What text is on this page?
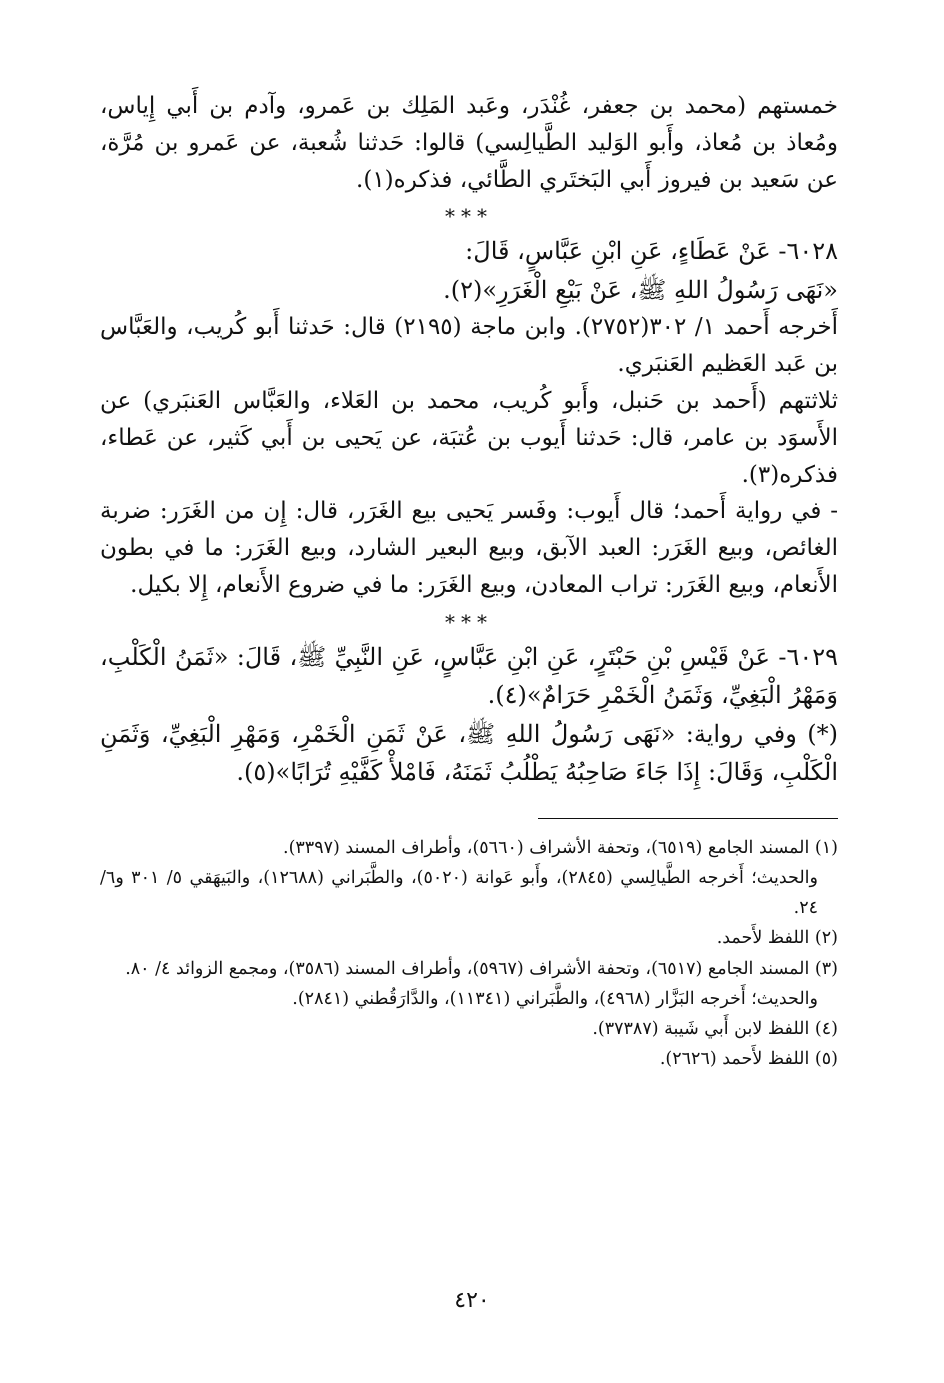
خمستهم (محمد بن جعفر، غُنْدَر، وعَبد المَلِك بن عَمرو، وآدم بن أَبي إِياس، ومُعاذ بن مُعاذ، وأَبو الوَليد الطَّيالِسي) قالوا: حَدثنا شُعبة، عن عَمرو بن مُرَّة، عن سَعيد بن فيروز أَبي البَختَري الطَّائي، فذكره(١).

***

٦٠٢٨- عَنْ عَطَاءٍ، عَنِ ابْنِ عَبَّاسٍ، قَالَ:

«نَهَى رَسُولُ اللهِ ﷺ، عَنْ بَيْعِ الْغَرَرِ»(٢).

أَخرجه أَحمد ١/ ٣٠٢(٢٧٥٢). وابن ماجة (٢١٩٥) قال: حَدثنا أَبو كُريب، والعَبَّاس بن عَبد العَظيم العَنبَري.

ثلاثتهم (أَحمد بن حَنبل، وأَبو كُريب، محمد بن العَلاء، والعَبَّاس العَنبَري) عن الأَسوَد بن عامر، قال: حَدثنا أَيوب بن عُتبَة، عن يَحيى بن أَبي كَثير، عن عَطاء، فذكره(٣).

- في رواية أَحمد؛ قال أَيوب: وفَسر يَحيى بيع الغَرَر، قال: إِن من الغَرَر: ضربة الغائص، وبيع الغَرَر: العبد الآبق، وبيع البعير الشارد، وبيع الغَرَر: ما في بطون الأَنعام، وبيع الغَرَر: تراب المعادن، وبيع الغَرَر: ما في ضروع الأَنعام، إِلا بكيل.

***

٦٠٢٩- عَنْ قَيْسِ بْنِ حَبْتَرٍ، عَنِ ابْنِ عَبَّاسٍ، عَنِ النَّبِيِّ ﷺ، قَالَ: «ثَمَنُ الْكَلْبِ، وَمَهْرُ الْبَغِيِّ، وَثَمَنُ الْخَمْرِ حَرَامٌ»(٤).

(*) وفي رواية: «نَهَى رَسُولُ اللهِ ﷺ، عَنْ ثَمَنِ الْخَمْرِ، وَمَهْرِ الْبَغِيِّ، وَثَمَنِ الْكَلْبِ، وَقَالَ: إِذَا جَاءَ صَاحِبُهُ يَطْلُبُ ثَمَنَهُ، فَامْلأْ كَفَّيْهِ تُرَابًا»(٥).

(١) المسند الجامع (٦٥١٩)، وتحفة الأشراف (٥٦٦٠)، وأطراف المسند (٣٣٩٧).

والحديث؛ أَخرجه الطَّيالِسي (٢٨٤٥)، وأَبو عَوانة (٥٠٢٠)، والطَّبَراني (١٢٦٨٨)، والبَيهَقي ٥/ ٣٠١ و٦/ ٢٤.

(٢) اللفظ لأَحمد.

(٣) المسند الجامع (٦٥١٧)، وتحفة الأشراف (٥٩٦٧)، وأطراف المسند (٣٥٨٦)، ومجمع الزوائد ٤/ ٨٠.

والحديث؛ أَخرجه البَزَّار (٤٩٦٨)، والطَّبَراني (١١٣٤١)، والدَّارَقُطني (٢٨٤١).

(٤) اللفظ لابن أَبي شَيبة (٣٧٣٨٧).

(٥) اللفظ لأَحمد (٢٦٢٦).

٤٢٠
